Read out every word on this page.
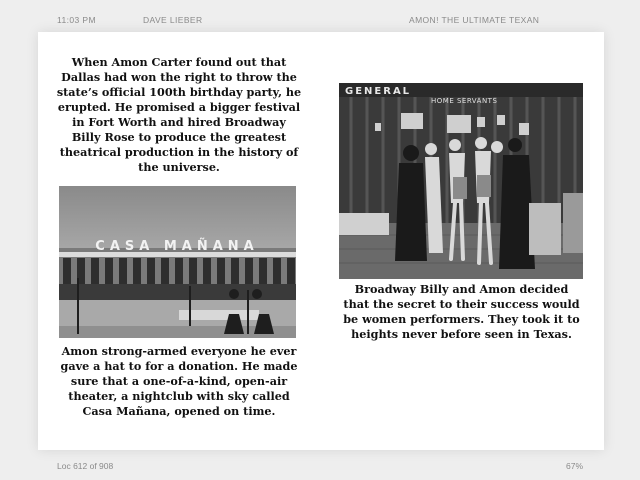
11:03 PM	DAVE LIEBER	AMON! THE ULTIMATE TEXAN

When Amon Carter found out that Dallas had won the right to throw the state’s official 100th birthday party, he erupted. He promised a bigger festival in Fort Worth and hired Broadway Billy Rose to produce the greatest theatrical production in the history of the universe.

CASA MAÑANA

Amon strong-armed everyone he ever gave a hat to for a donation. He made sure that a one-of-a-kind, open-air theater, a nightclub with sky called Casa Mañana, opened on time.

GENERAL
HOME SERVANTS

Broadway Billy and Amon decided that the secret to their success would be women performers. They took it to heights never before seen in Texas.

Loc 612 of 908	67%
